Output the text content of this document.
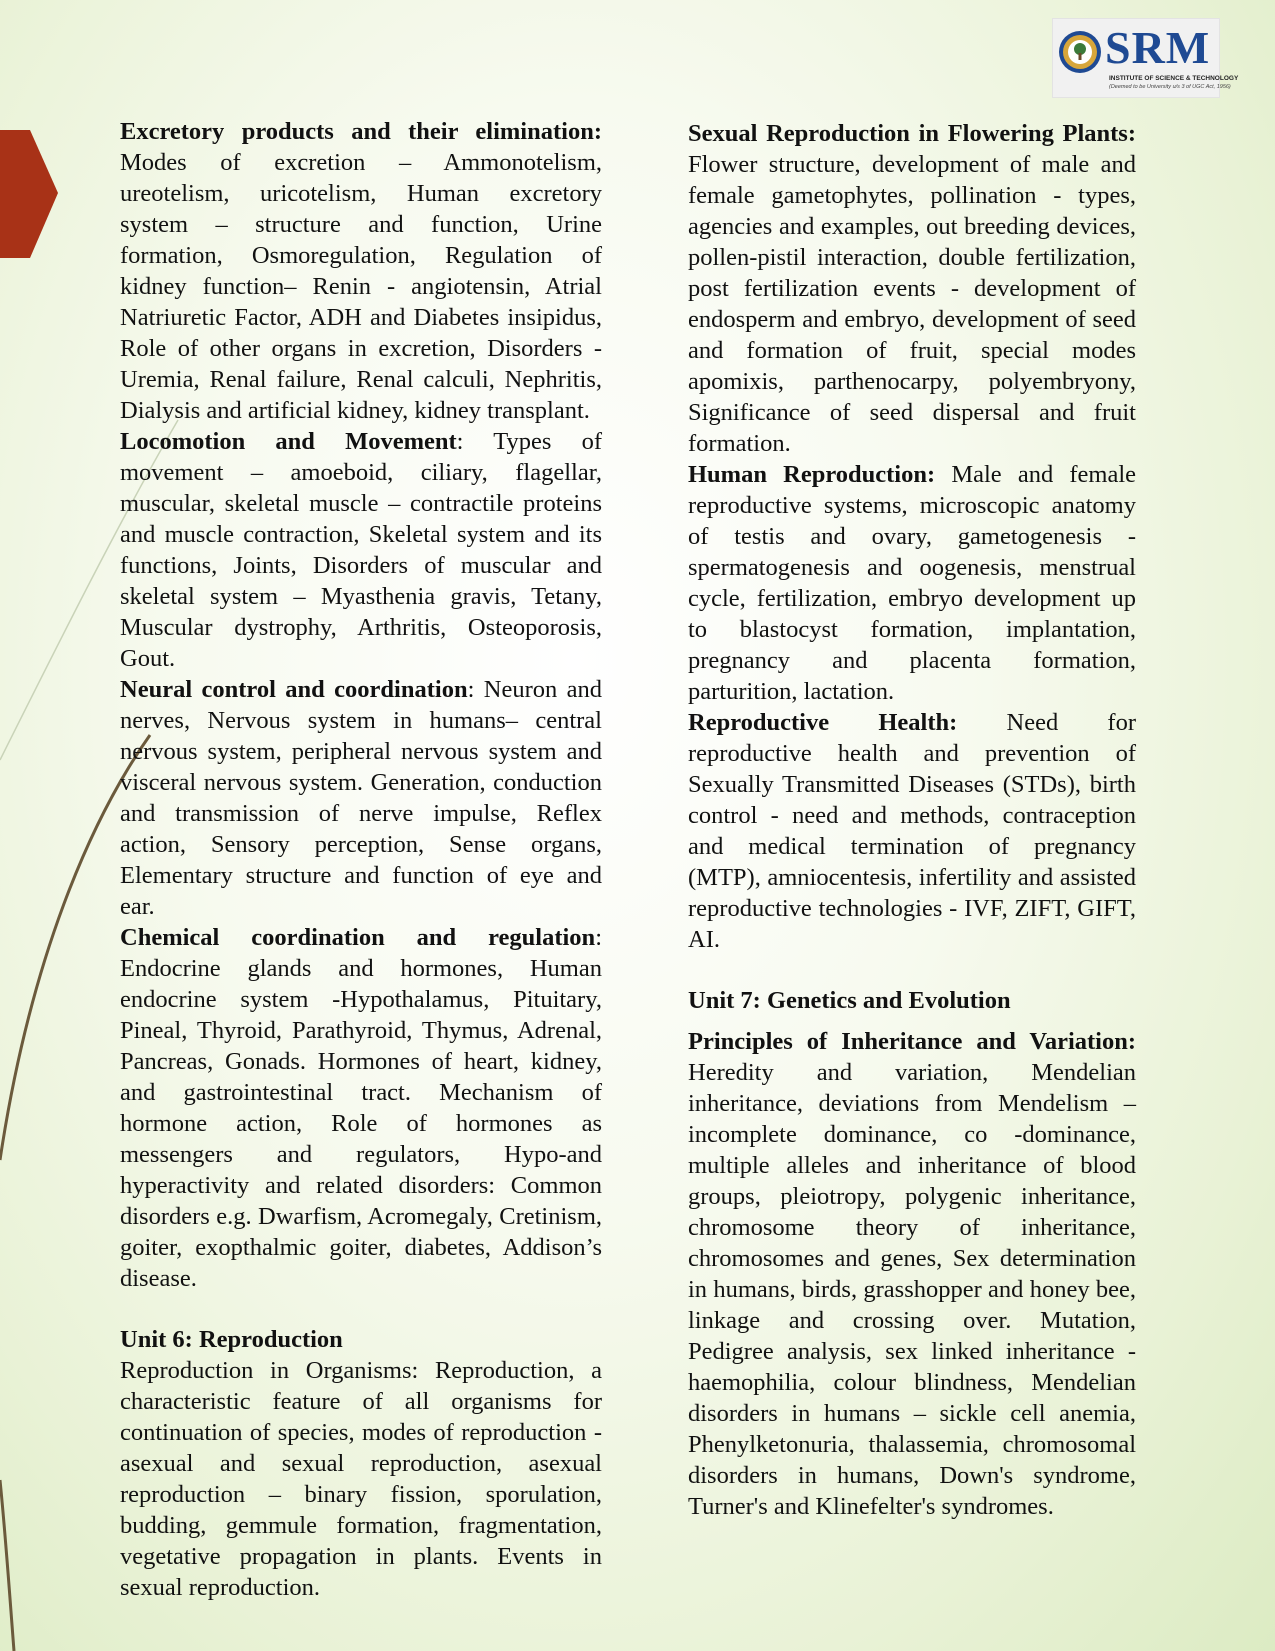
SRM
INSTITUTE OF SCIENCE & TECHNOLOGY
(Deemed to be University u/s 3 of UGC Act, 1956)

Excretory products and their elimination: Modes of excretion – Ammonotelism, ureotelism, uricotelism, Human excretory system – structure and function, Urine formation, Osmoregulation, Regulation of kidney function– Renin - angiotensin, Atrial Natriuretic Factor, ADH and Diabetes insipidus, Role of other organs in excretion, Disorders - Uremia, Renal failure, Renal calculi, Nephritis, Dialysis and artificial kidney, kidney transplant.

Locomotion and Movement: Types of movement – amoeboid, ciliary, flagellar, muscular, skeletal muscle – contractile proteins and muscle contraction, Skeletal system and its functions, Joints, Disorders of muscular and skeletal system – Myasthenia gravis, Tetany, Muscular dystrophy, Arthritis, Osteoporosis, Gout.

Neural control and coordination: Neuron and nerves, Nervous system in humans– central nervous system, peripheral nervous system and visceral nervous system. Generation, conduction and transmission of nerve impulse, Reflex action, Sensory perception, Sense organs, Elementary structure and function of eye and ear.

Chemical coordination and regulation: Endocrine glands and hormones, Human endocrine system -Hypothalamus, Pituitary, Pineal, Thyroid, Parathyroid, Thymus, Adrenal, Pancreas, Gonads. Hormones of heart, kidney, and gastrointestinal tract. Mechanism of hormone action, Role of hormones as messengers and regulators, Hypo-and hyperactivity and related disorders: Common disorders e.g. Dwarfism, Acromegaly, Cretinism, goiter, exopthalmic goiter, diabetes, Addison’s disease.

Unit 6: Reproduction

Reproduction in Organisms: Reproduction, a characteristic feature of all organisms for continuation of species, modes of reproduction - asexual and sexual reproduction, asexual reproduction – binary fission, sporulation, budding, gemmule formation, fragmentation, vegetative propagation in plants. Events in sexual reproduction.

Sexual Reproduction in Flowering Plants: Flower structure, development of male and female gametophytes, pollination - types, agencies and examples, out breeding devices, pollen-pistil interaction, double fertilization, post fertilization events - development of endosperm and embryo, development of seed and formation of fruit, special modes apomixis, parthenocarpy, polyembryony, Significance of seed dispersal and fruit formation.

Human Reproduction: Male and female reproductive systems, microscopic anatomy of testis and ovary, gametogenesis - spermatogenesis and oogenesis, menstrual cycle, fertilization, embryo development up to blastocyst formation, implantation, pregnancy and placenta formation, parturition, lactation.

Reproductive Health: Need for reproductive health and prevention of Sexually Transmitted Diseases (STDs), birth control - need and methods, contraception and medical termination of pregnancy (MTP), amniocentesis, infertility and assisted reproductive technologies - IVF, ZIFT, GIFT, AI.

Unit 7: Genetics and Evolution

Principles of Inheritance and Variation: Heredity and variation, Mendelian inheritance, deviations from Mendelism – incomplete dominance, co -dominance, multiple alleles and inheritance of blood groups, pleiotropy, polygenic inheritance, chromosome theory of inheritance, chromosomes and genes, Sex determination in humans, birds, grasshopper and honey bee, linkage and crossing over. Mutation, Pedigree analysis, sex linked inheritance - haemophilia, colour blindness, Mendelian disorders in humans – sickle cell anemia, Phenylketonuria, thalassemia, chromosomal disorders in humans, Down's syndrome, Turner's and Klinefelter's syndromes.
